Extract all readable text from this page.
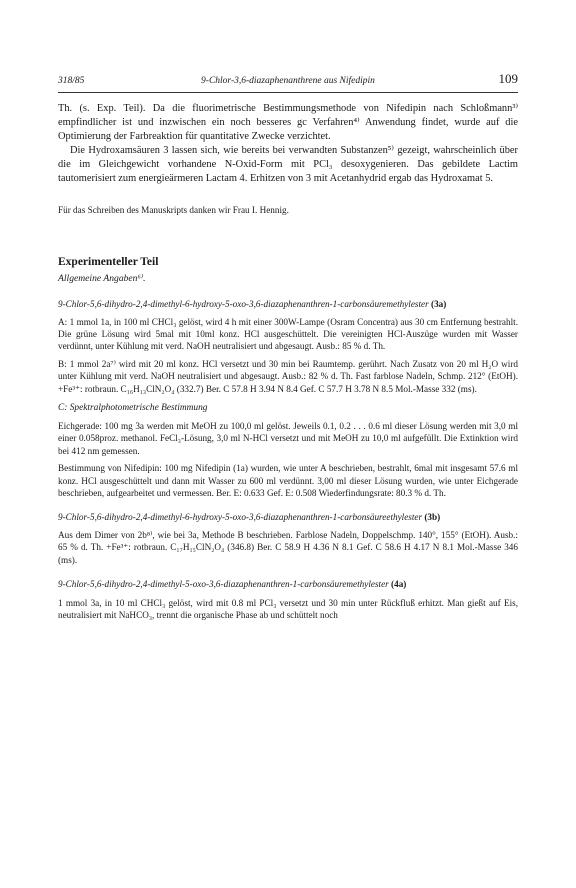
318/85	9-Chlor-3,6-diazaphenanthrene aus Nifedipin	109

Th. (s. Exp. Teil). Da die fluorimetrische Bestimmungsmethode von Nifedipin nach Schloßmann³⁾ empfindlicher ist und inzwischen ein noch besseres gc Verfahren⁴⁾ Anwendung findet, wurde auf die Optimierung der Farbreaktion für quantitative Zwecke verzichtet.

Die Hydroxamsäuren 3 lassen sich, wie bereits bei verwandten Substanzen⁵⁾ gezeigt, wahrscheinlich über die im Gleichgewicht vorhandene N-Oxid-Form mit PCl₃ desoxygenieren. Das gebildete Lactim tautomerisiert zum energieärmeren Lactam 4. Erhitzen von 3 mit Acetanhydrid ergab das Hydroxamat 5.

Für das Schreiben des Manuskripts danken wir Frau I. Hennig.

Experimenteller Teil
Allgemeine Angaben⁶⁾.
9-Chlor-5,6-dihydro-2,4-dimethyl-6-hydroxy-5-oxo-3,6-diazaphenanthren-1-carbonsäuremethylester (3a)

A: 1 mmol 1a, in 100 ml CHCl₃ gelöst, wird 4 h mit einer 300W-Lampe (Osram Concentra) aus 30 cm Entfernung bestrahlt. Die grüne Lösung wird 5mal mit 10ml konz. HCl ausgeschüttelt. Die vereinigten HCl-Auszüge wurden mit Wasser verdünnt, unter Kühlung mit verd. NaOH neutralisiert und abgesaugt. Ausb.: 85 % d. Th.

B: 1 mmol 2a⁷⁾ wird mit 20 ml konz. HCl versetzt und 30 min bei Raumtemp. gerührt. Nach Zusatz von 20 ml H₂O wird unter Kühlung mit verd. NaOH neutralisiert und abgesaugt. Ausb.: 82 % d. Th. Fast farblose Nadeln, Schmp. 212° (EtOH). +Fe³⁺: rotbraun. C₁₆H₁₃ClN₂O₄ (332.7) Ber. C 57.8 H 3.94 N 8.4 Gef. C 57.7 H 3.78 N 8.5 Mol.-Masse 332 (ms).

C: Spektralphotometrische Bestimmung

Eichgerade: 100 mg 3a werden mit MeOH zu 100,0 ml gelöst. Jeweils 0.1, 0.2 . . . 0.6 ml dieser Lösung werden mit 3,0 ml einer 0.058proz. methanol. FeCl₃-Lösung, 3,0 ml N-HCl versetzt und mit MeOH zu 10,0 ml aufgefüllt. Die Extinktion wird bei 412 nm gemessen.

Bestimmung von Nifedipin: 100 mg Nifedipin (1a) wurden, wie unter A beschrieben, bestrahlt, 6mal mit insgesamt 57.6 ml konz. HCl ausgeschüttelt und dann mit Wasser zu 600 ml verdünnt. 3,00 ml dieser Lösung wurden, wie unter Eichgerade beschrieben, aufgearbeitet und vermessen. Ber. E: 0.633 Gef. E: 0.508 Wiederfindungsrate: 80.3 % d. Th.

9-Chlor-5,6-dihydro-2,4-dimethyl-6-hydroxy-5-oxo-3,6-diazaphenanthren-1-carbonsäureethylester (3b)

Aus dem Dimer von 2b⁸⁾, wie bei 3a, Methode B beschrieben. Farblose Nadeln, Doppelschmp. 140°, 155° (EtOH). Ausb.: 65 % d. Th. +Fe³⁺: rotbraun. C₁₇H₁₅ClN₂O₄ (346.8) Ber. C 58.9 H 4.36 N 8.1 Gef. C 58.6 H 4.17 N 8.1 Mol.-Masse 346 (ms).

9-Chlor-5,6-dihydro-2,4-dimethyl-5-oxo-3,6-diazaphenanthren-1-carbonsäuremethylester (4a)

1 mmol 3a, in 10 ml CHCl₃ gelöst, wird mit 0.8 ml PCl₃ versetzt und 30 min unter Rückfluß erhitzt. Man gießt auf Eis, neutralisiert mit NaHCO₃, trennt die organische Phase ab und schüttelt noch
